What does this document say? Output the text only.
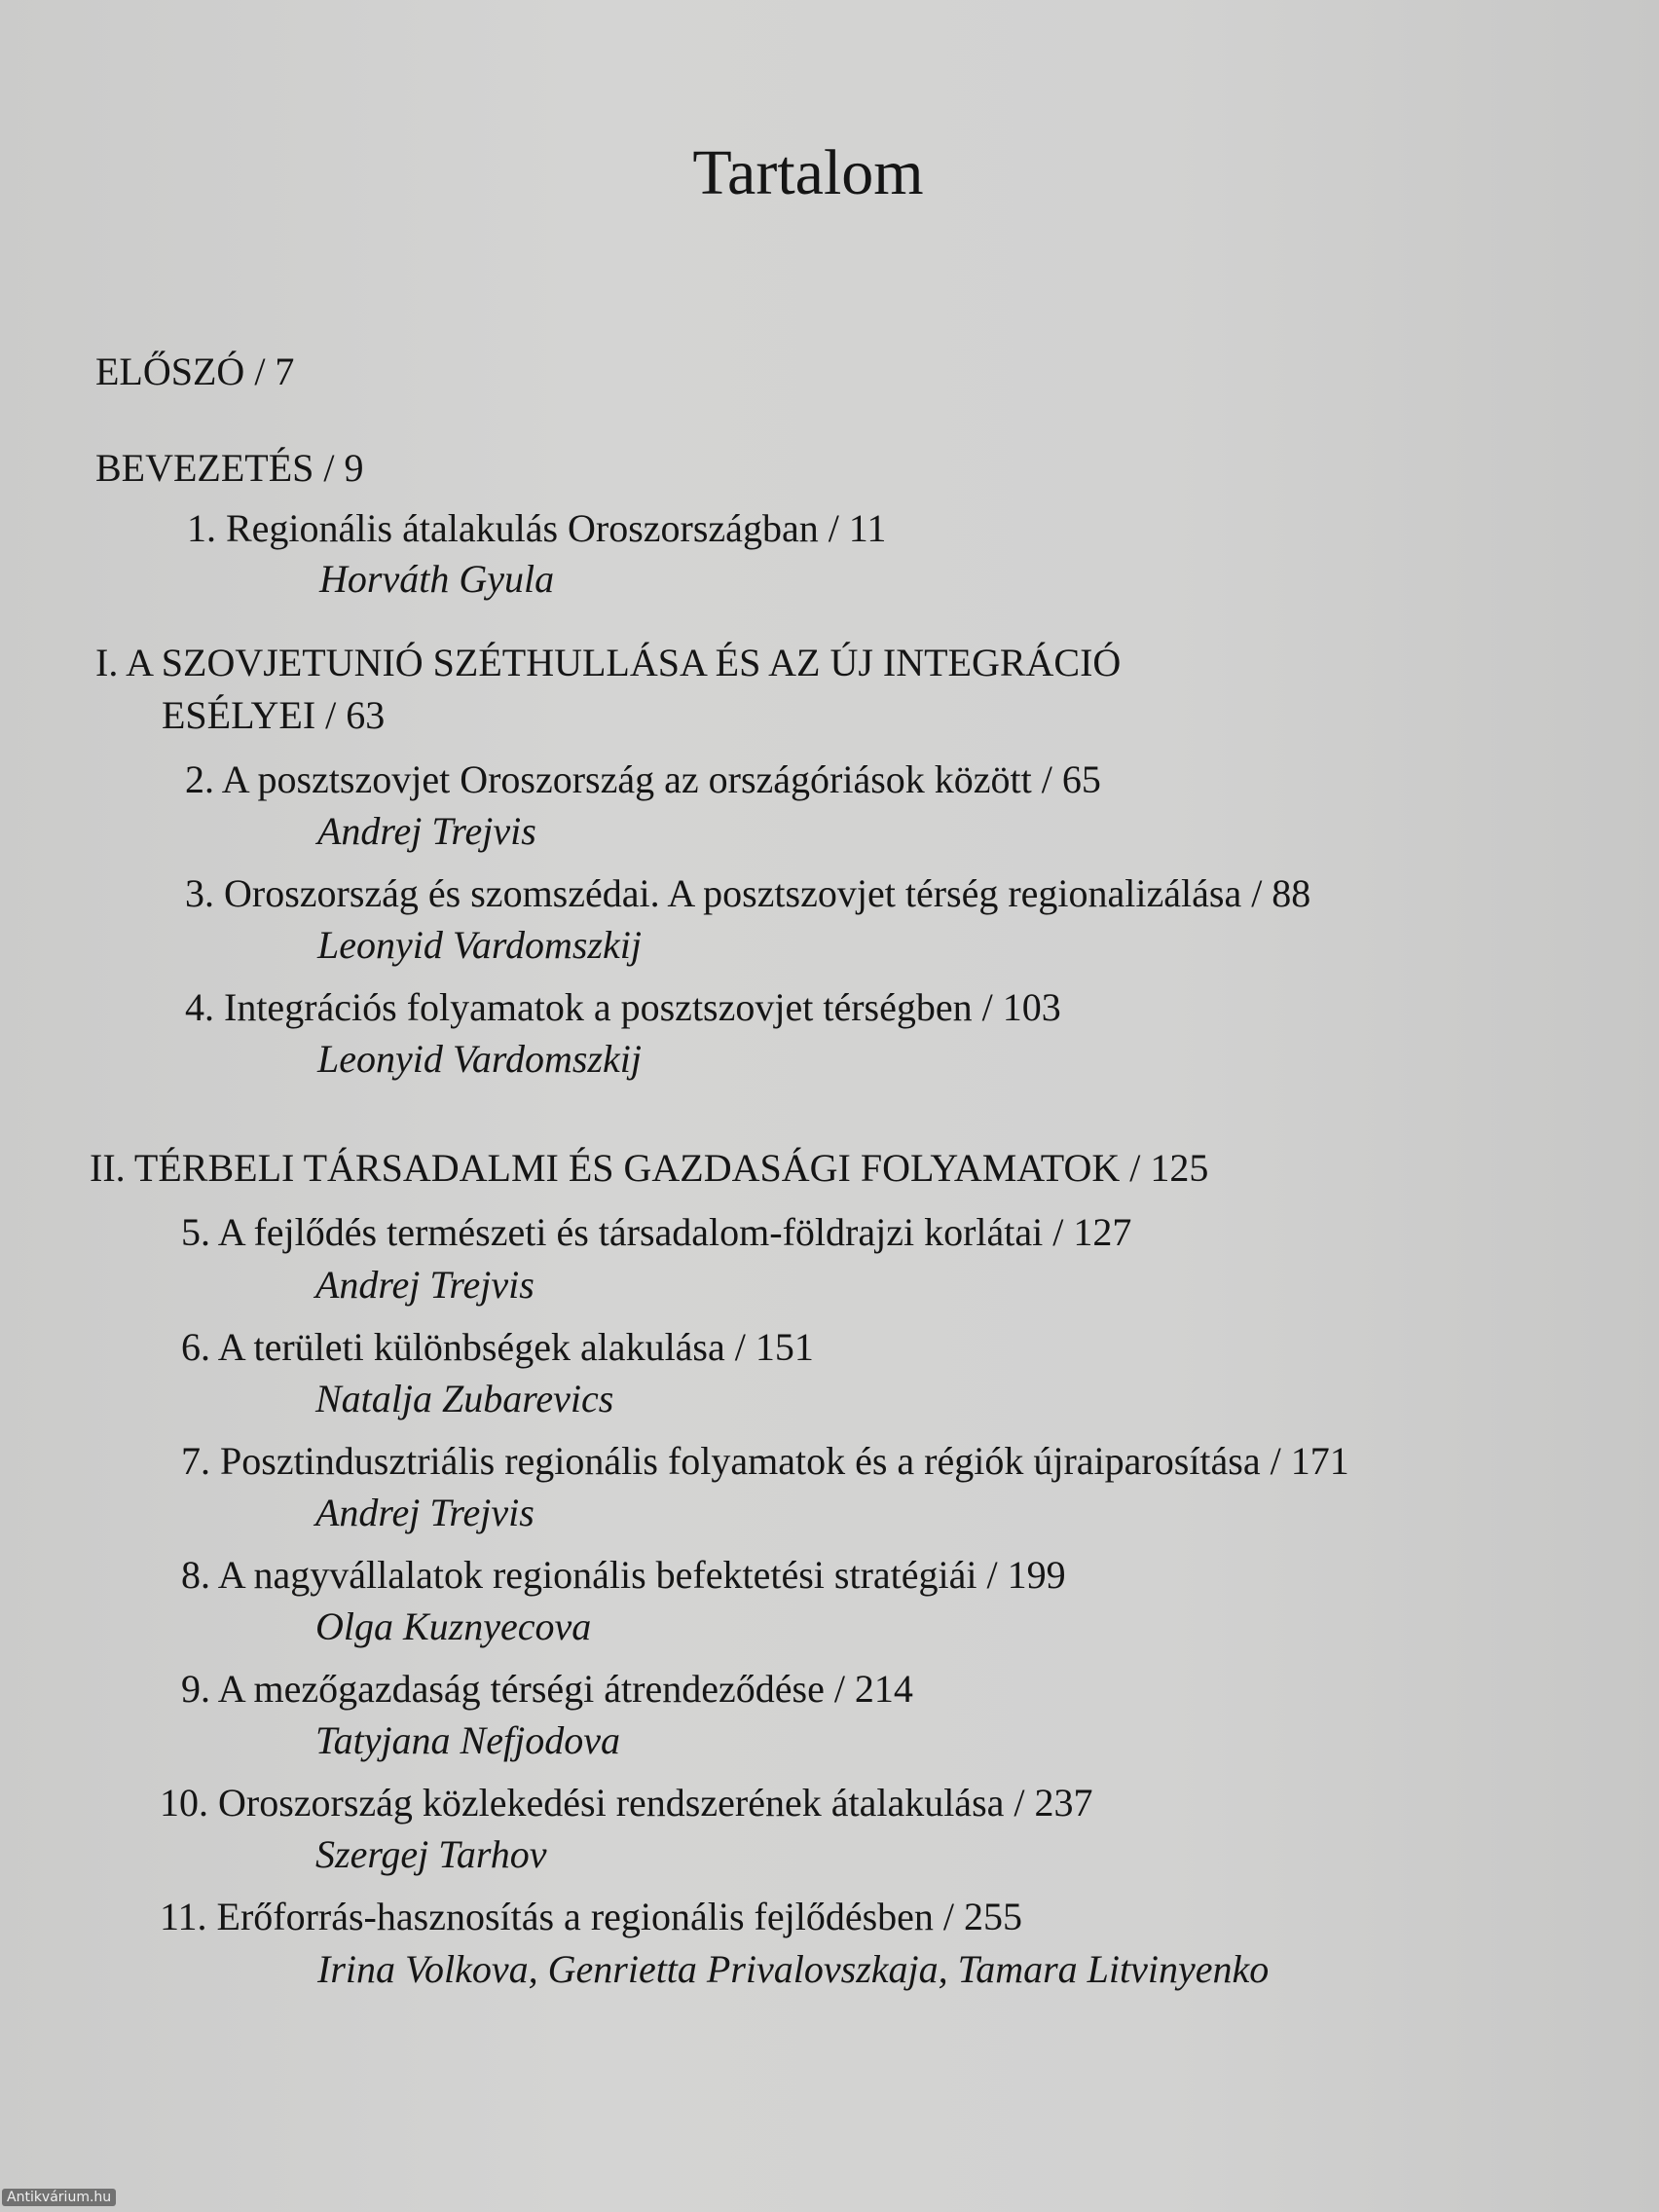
Tartalom
ELŐSZÓ / 7
BEVEZETÉS / 9
1. Regionális átalakulás Oroszországban / 11
Horváth Gyula
I. A SZOVJETUNIÓ SZÉTHULLÁSA ÉS AZ ÚJ INTEGRÁCIÓ
ESÉLYEI / 63
2. A posztszovjet Oroszország az országóriások között / 65
Andrej Trejvis
3. Oroszország és szomszédai. A posztszovjet térség regionalizálása / 88
Leonyid Vardomszkij
4. Integrációs folyamatok a posztszovjet térségben / 103
Leonyid Vardomszkij
II. TÉRBELI TÁRSADALMI ÉS GAZDASÁGI FOLYAMATOK / 125
5. A fejlődés természeti és társadalom-földrajzi korlátai / 127
Andrej Trejvis
6. A területi különbségek alakulása / 151
Natalja Zubarevics
7. Posztindusztriális regionális folyamatok és a régiók újraiparosítása / 171
Andrej Trejvis
8. A nagyvállalatok regionális befektetési stratégiái / 199
Olga Kuznyecova
9. A mezőgazdaság térségi átrendeződése / 214
Tatyjana Nefjodova
10. Oroszország közlekedési rendszerének átalakulása / 237
Szergej Tarhov
11. Erőforrás-hasznosítás a regionális fejlődésben / 255
Irina Volkova, Genrietta Privalovszkaja, Tamara Litvinyenko
Antikvárium.hu
